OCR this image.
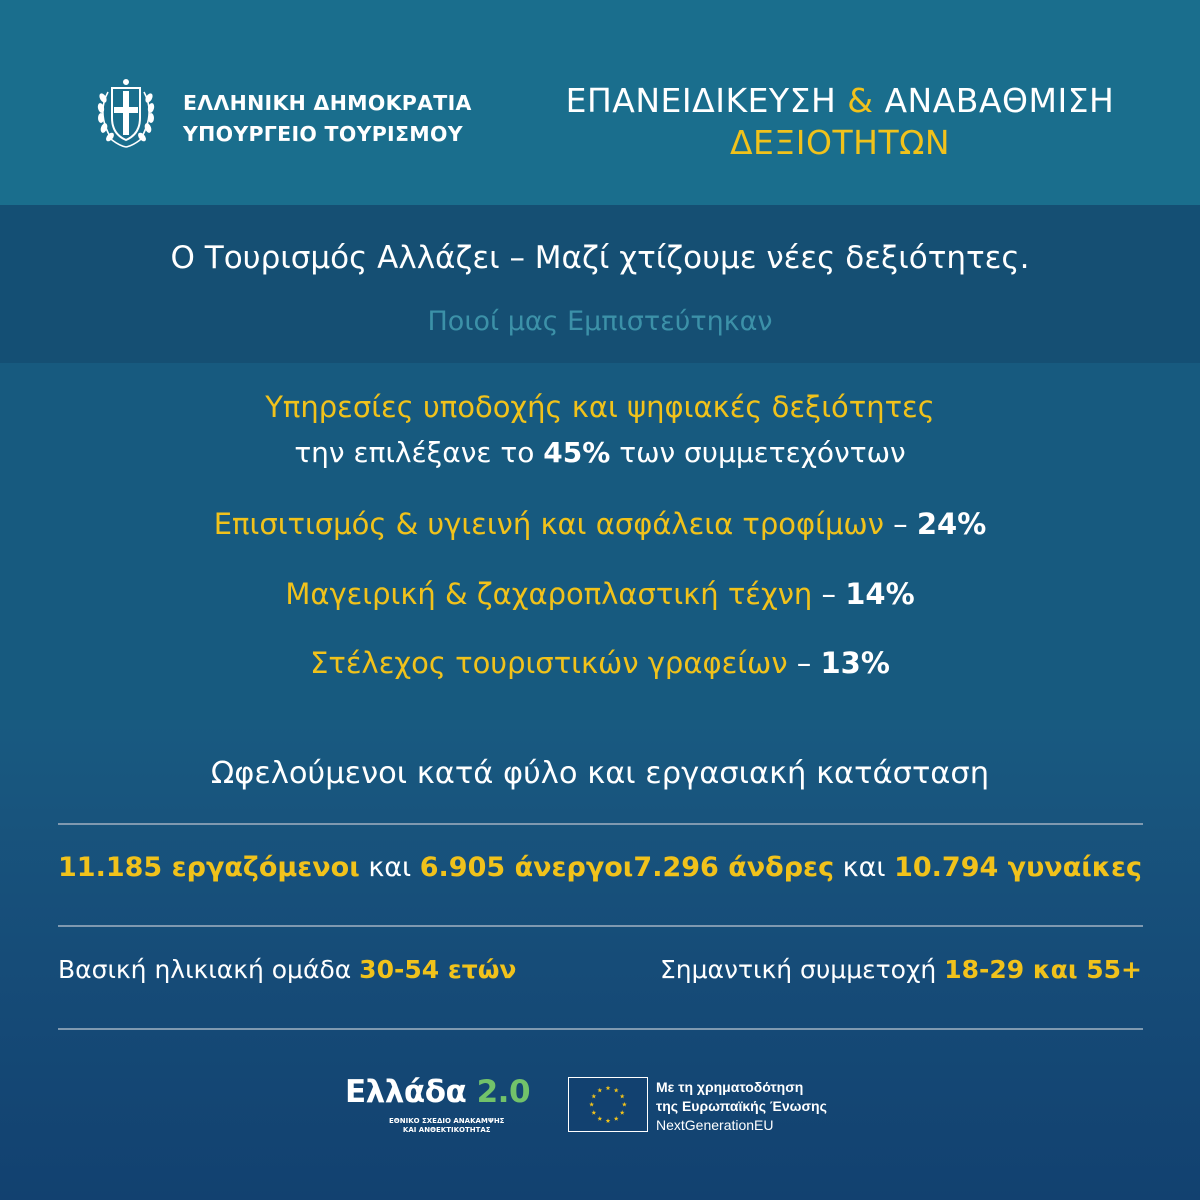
ΕΛΛΗΝΙΚΗ ΔΗΜΟΚΡΑΤΙΑ
ΥΠΟΥΡΓΕΙΟ ΤΟΥΡΙΣΜΟΥ
ΕΠΑΝΕΙΔΙΚΕΥΣΗ & ΑΝΑΒΑΘΜΙΣΗ
ΔΕΞΙΟΤΗΤΩΝ
Ο Τουρισμός Αλλάζει – Μαζί χτίζουμε νέες δεξιότητες.
Ποιοί μας Εμπιστεύτηκαν
Υπηρεσίες υποδοχής και ψηφιακές δεξιότητες
την επιλέξανε το 45% των συμμετεχόντων
Επισιτισμός & υγιεινή και ασφάλεια τροφίμων – 24%
Μαγειρική & ζαχαροπλαστική τέχνη – 14%
Στέλεχος τουριστικών γραφείων – 13%
Ωφελούμενοι κατά φύλο και εργασιακή κατάσταση
11.185 εργαζόμενοι και 6.905 άνεργοι 7.296 άνδρες και 10.794 γυναίκες
Βασική ηλικιακή ομάδα 30-54 ετών	Σημαντική συμμετοχή 18-29 και 55+
Ελλάδα 2.0
ΕΘΝΙΚΟ ΣΧΕΔΙΟ ΑΝΑΚΑΜΨΗΣ
ΚΑΙ ΑΝΘΕΚΤΙΚΟΤΗΤΑΣ
Με τη χρηματοδότηση
της Ευρωπαϊκής Ένωσης
NextGenerationEU
